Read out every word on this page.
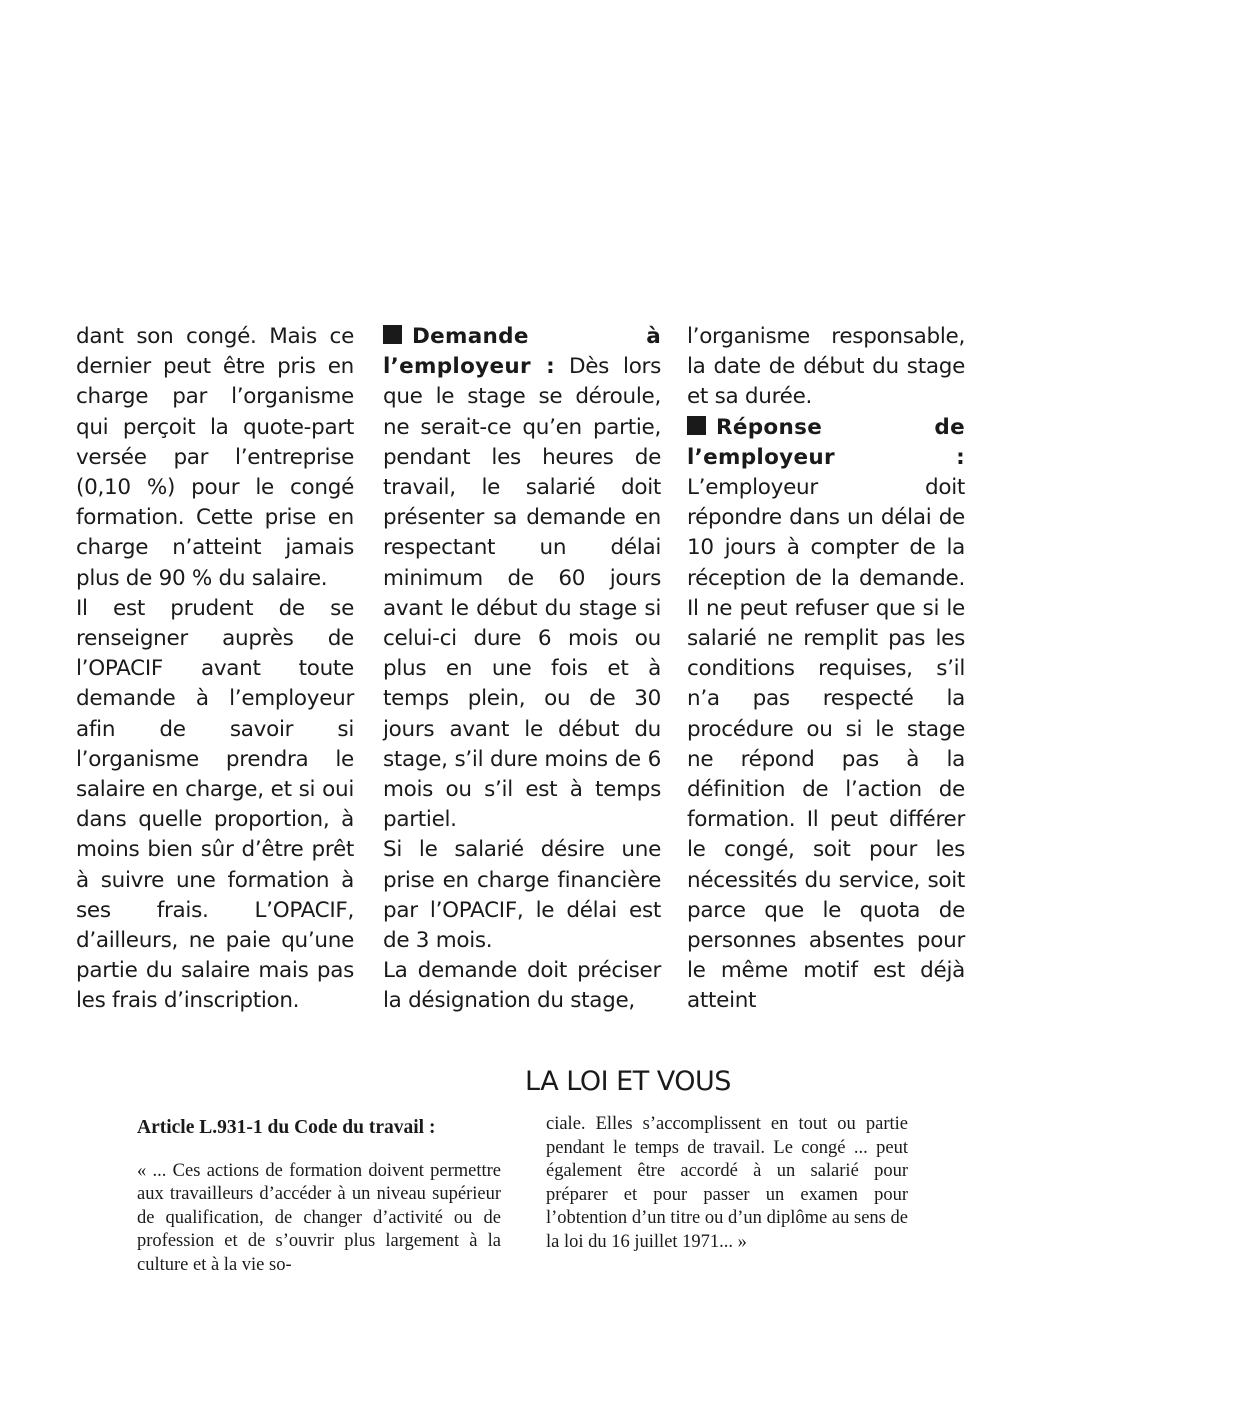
dant son congé. Mais ce dernier peut être pris en charge par l’organisme qui perçoit la quote-part versée par l’entreprise (0,10 %) pour le congé formation. Cette prise en charge n’atteint jamais plus de 90 % du salaire.

Il est prudent de se renseigner auprès de l’OPACIF avant toute demande à l’employeur afin de savoir si l’organisme prendra le salaire en charge, et si oui dans quelle proportion, à moins bien sûr d’être prêt à suivre une formation à ses frais. L’OPACIF, d’ailleurs, ne paie qu’une partie du salaire mais pas les frais d’inscription.

Demande à l’employeur : Dès lors que le stage se déroule, ne serait-ce qu’en partie, pendant les heures de travail, le salarié doit présenter sa demande en respectant un délai minimum de 60 jours avant le début du stage si celui-ci dure 6 mois ou plus en une fois et à temps plein, ou de 30 jours avant le début du stage, s’il dure moins de 6 mois ou s’il est à temps partiel.

Si le salarié désire une prise en charge financière par l’OPACIF, le délai est de 3 mois.

La demande doit préciser la désignation du stage,

l’organisme responsable, la date de début du stage et sa durée.

Réponse de l’employeur : L’employeur doit répondre dans un délai de 10 jours à compter de la réception de la demande. Il ne peut refuser que si le salarié ne remplit pas les conditions requises, s’il n’a pas respecté la procédure ou si le stage ne répond pas à la définition de l’action de formation. Il peut différer le congé, soit pour les nécessités du service, soit parce que le quota de personnes absentes pour le même motif est déjà atteint

LA LOI ET VOUS

Article L.931-1 du Code du travail :

« ... Ces actions de formation doivent permettre aux travailleurs d’accéder à un niveau supérieur de qualification, de changer d’activité ou de profession et de s’ouvrir plus largement à la culture et à la vie so-

ciale. Elles s’accomplissent en tout ou partie pendant le temps de travail. Le congé ... peut également être accordé à un salarié pour préparer et pour passer un examen pour l’obtention d’un titre ou d’un diplôme au sens de la loi du 16 juillet 1971... »
